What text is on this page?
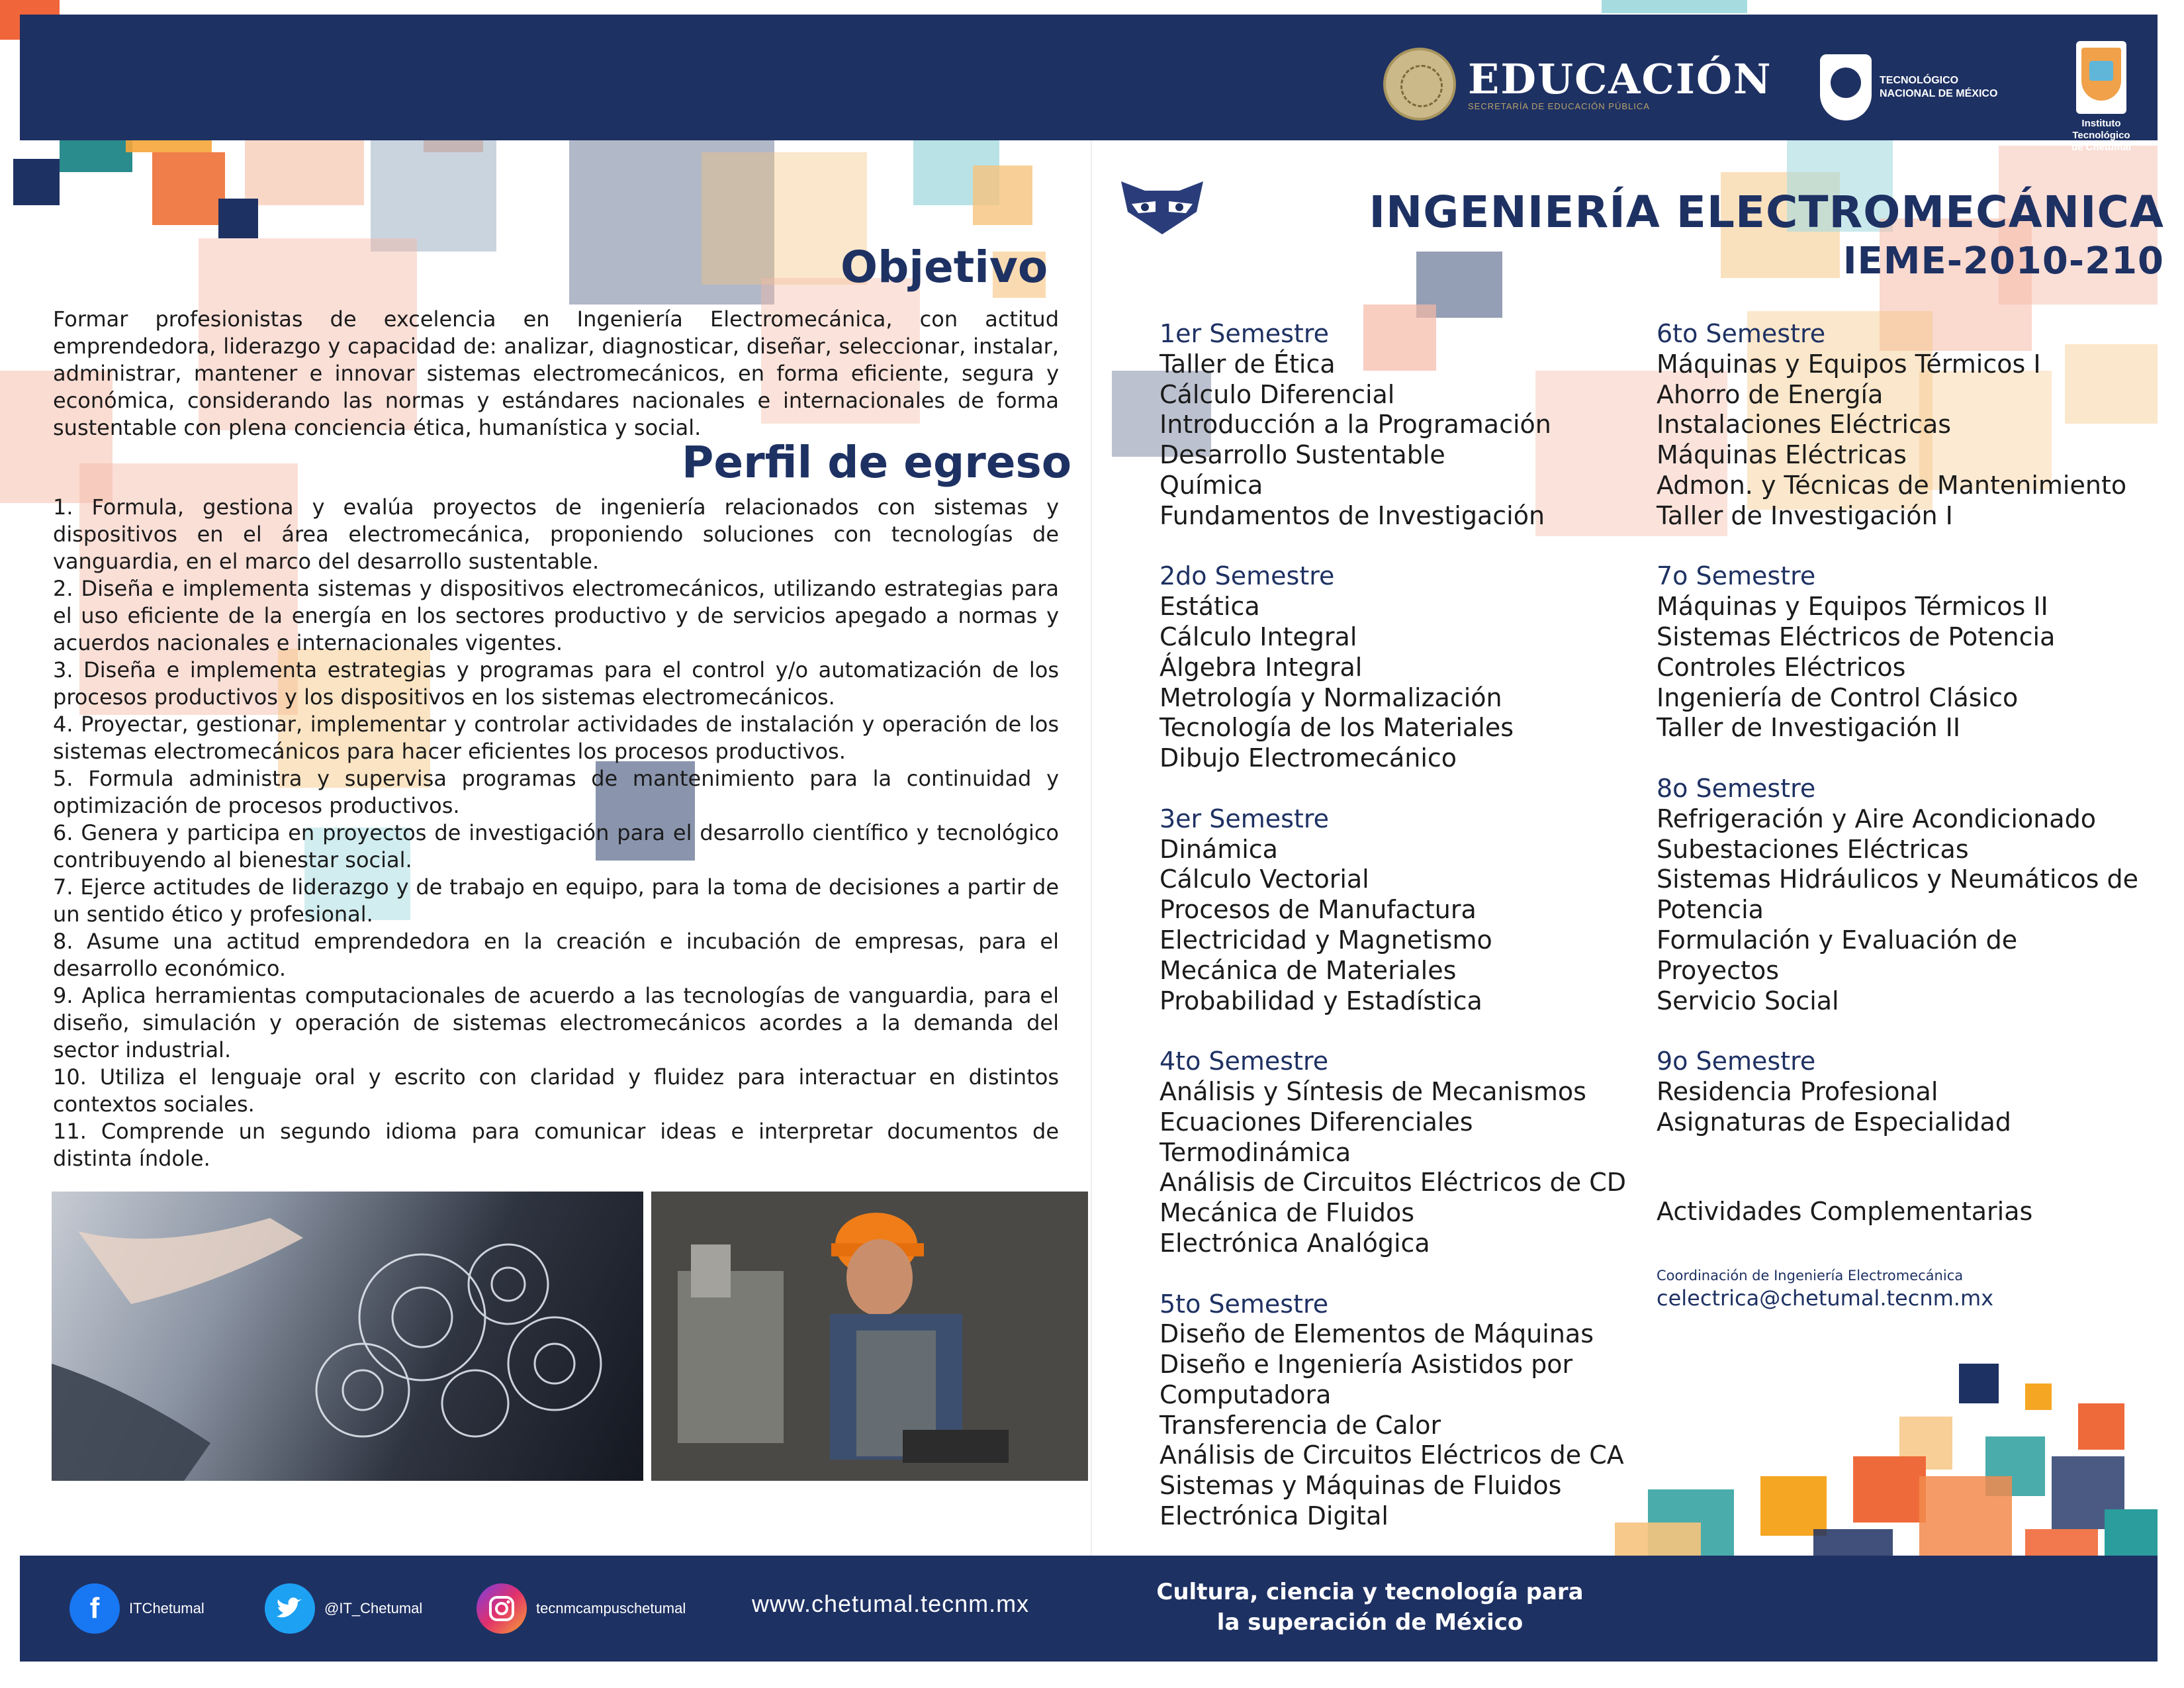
EDUCACIÓN
SECRETARÍA DE EDUCACIÓN PÚBLICA
TECNOLÓGICO
NACIONAL DE MÉXICO
Instituto Tecnológico
de Chetumal
Objetivo
Formar profesionistas de excelencia en Ingeniería Electromecánica, con actitud emprendedora, liderazgo y capacidad de: analizar, diagnosticar, diseñar, seleccionar, instalar, administrar, mantener e innovar sistemas electromecánicos, en forma eficiente, segura y económica, considerando las normas y estándares nacionales e internacionales de forma sustentable con plena conciencia ética, humanística y social.
Perfil de egreso

1. Formula, gestiona y evalúa proyectos de ingeniería relacionados con sistemas y dispositivos en el área electromecánica, proponiendo soluciones con tecnologías de vanguardia, en el marco del desarrollo sustentable.

2. Diseña e implementa sistemas y dispositivos electromecánicos, utilizando estrategias para el uso eficiente de la energía en los sectores productivo y de servicios apegado a normas y acuerdos nacionales e internacionales vigentes.

3. Diseña e implementa estrategias y programas para el control y/o automatización de los procesos productivos y los dispositivos en los sistemas electromecánicos.

4. Proyectar, gestionar, implementar y controlar actividades de instalación y operación de los sistemas electromecánicos para hacer eficientes los procesos productivos.

5. Formula administra y supervisa programas de mantenimiento para la continuidad y optimización de procesos productivos.

6. Genera y participa en proyectos de investigación para el desarrollo científico y tecnológico contribuyendo al bienestar social.

7. Ejerce actitudes de liderazgo y de trabajo en equipo, para la toma de decisiones a partir de un sentido ético y profesional.

8. Asume una actitud emprendedora en la creación e incubación de empresas, para el desarrollo económico.

9. Aplica herramientas computacionales de acuerdo a las tecnologías de vanguardia, para el diseño, simulación y operación de sistemas electromecánicos acordes a la demanda del sector industrial.

10. Utiliza el lenguaje oral y escrito con claridad y fluidez para interactuar en distintos contextos sociales.

11. Comprende un segundo idioma para comunicar ideas e interpretar documentos de distinta índole.

INGENIERÍA ELECTROMECÁNICA
IEME-2010-210
1er Semestre
Taller de Ética
Cálculo Diferencial
Introducción a la Programación
Desarrollo Sustentable
Química
Fundamentos de Investigación
2do Semestre
Estática
Cálculo Integral
Álgebra Integral
Metrología y Normalización
Tecnología de los Materiales
Dibujo Electromecánico
3er Semestre
Dinámica
Cálculo Vectorial
Procesos de Manufactura
Electricidad y Magnetismo
Mecánica de Materiales
Probabilidad y Estadística
4to Semestre
Análisis y Síntesis de Mecanismos
Ecuaciones Diferenciales
Termodinámica
Análisis de Circuitos Eléctricos de CD
Mecánica de Fluidos
Electrónica Analógica
5to Semestre
Diseño de Elementos de Máquinas
Diseño e Ingeniería Asistidos por
Computadora
Transferencia de Calor
Análisis de Circuitos Eléctricos de CA
Sistemas y Máquinas de Fluidos
Electrónica Digital
6to Semestre
Máquinas y Equipos Térmicos I
Ahorro de Energía
Instalaciones Eléctricas
Máquinas Eléctricas
Admon. y Técnicas de Mantenimiento
Taller de Investigación I
7o Semestre
Máquinas y Equipos Térmicos II
Sistemas Eléctricos de Potencia
Controles Eléctricos
Ingeniería de Control Clásico
Taller de Investigación II
8o Semestre
Refrigeración y Aire Acondicionado
Subestaciones Eléctricas
Sistemas Hidráulicos y Neumáticos de
Potencia
Formulación y Evaluación de
Proyectos
Servicio Social
9o Semestre
Residencia Profesional
Asignaturas de Especialidad
Actividades Complementarias
Coordinación de Ingeniería Electromecánica
celectrica@chetumal.tecnm.mx
f	ITChetumal	@IT_Chetumal	tecnmcampuschetumal	www.chetumal.tecnm.mx	Cultura, ciencia y tecnología para
la superación de México
